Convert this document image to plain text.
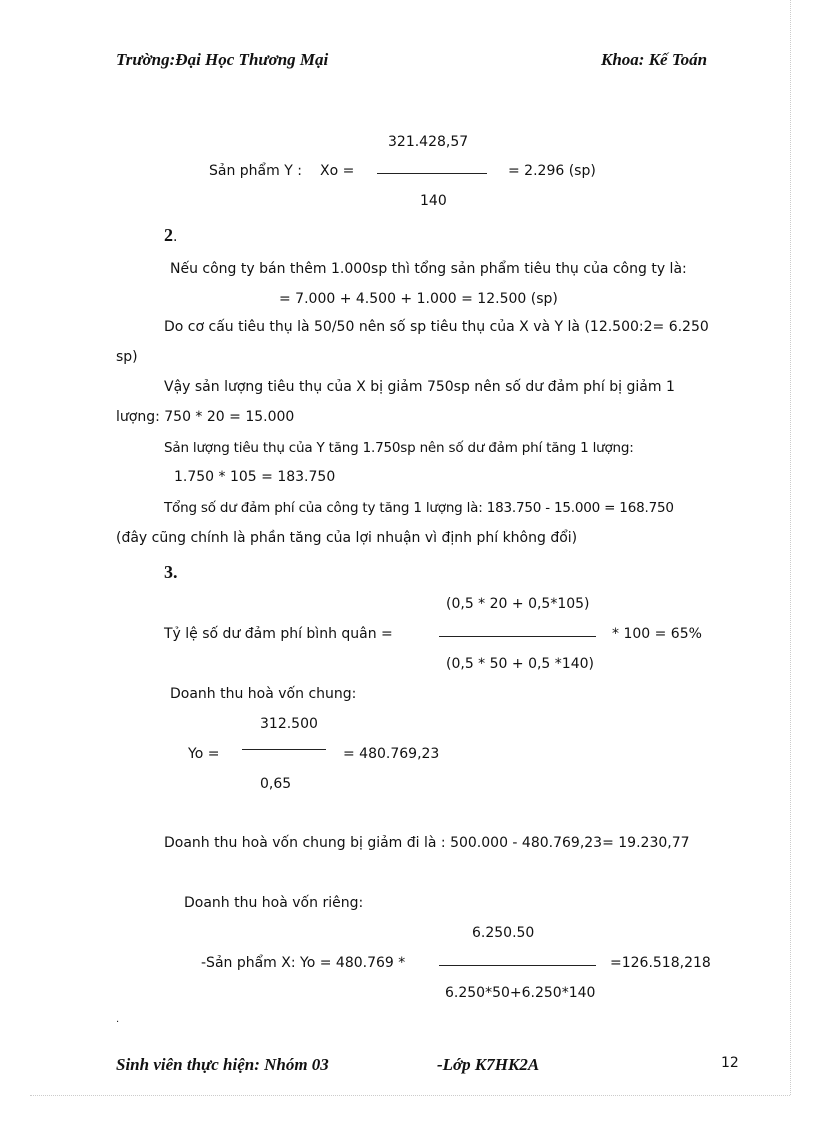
Trường:Đại Học Thương Mại	Khoa: Kế Toán
321.428,57
Sản phẩm Y : Xo =	= 2.296 (sp)
140
2.
Nếu công ty bán thêm 1.000sp thì tổng sản phẩm tiêu thụ của công ty là:
= 7.000 + 4.500 + 1.000 = 12.500 (sp)
Do cơ cấu tiêu thụ là 50/50 nên số sp tiêu thụ của X và Y là (12.500:2= 6.250
sp)
Vậy sản lượng tiêu thụ của X bị giảm 750sp nên số dư đảm phí bị giảm 1
lượng: 750 * 20 = 15.000
Sản lượng tiêu thụ của Y tăng 1.750sp nên số dư đảm phí tăng 1 lượng:
1.750 * 105 = 183.750
Tổng số dư đảm phí của công ty tăng 1 lượng là: 183.750 - 15.000 = 168.750
(đây cũng chính là phần tăng của lợi nhuận vì định phí không đổi)
3.
(0,5 * 20 + 0,5*105)
Tỷ lệ số dư đảm phí bình quân =	* 100 = 65%
(0,5 * 50 + 0,5 *140)
Doanh thu hoà vốn chung:
312.500
Yo =	= 480.769,23
0,65
Doanh thu hoà vốn chung bị giảm đi là : 500.000 - 480.769,23= 19.230,77
Doanh thu hoà vốn riêng:
6.250.50
-Sản phẩm X: Yo = 480.769 *	=126.518,218
6.250*50+6.250*140
.
Sinh viên thực hiện: Nhóm 03	-Lớp K7HK2A	12
